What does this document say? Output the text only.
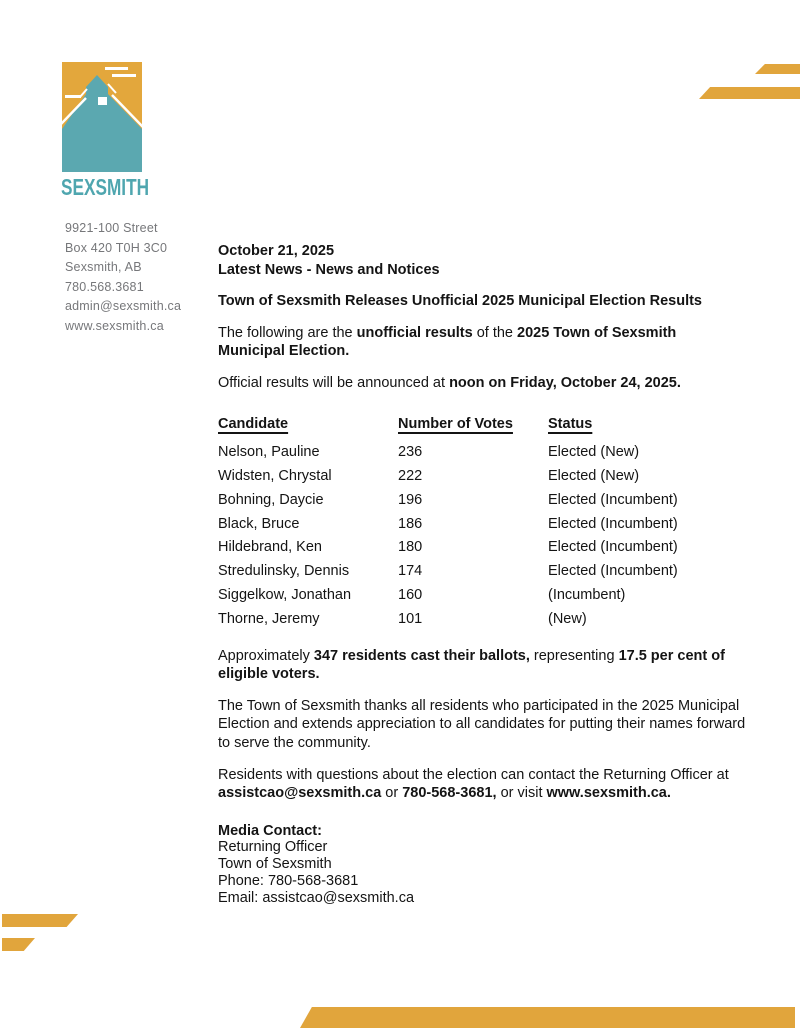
SEXSMITH
9921-100 Street
Box 420 T0H 3C0
Sexsmith, AB
780.568.3681
admin@sexsmith.ca
www.sexsmith.ca

October 21, 2025
Latest News - News and Notices

Town of Sexsmith Releases Unofficial 2025 Municipal Election Results

The following are the unofficial results of the 2025 Town of Sexsmith Municipal Election.

Official results will be announced at noon on Friday, October 24, 2025.

Candidate	Number of Votes	Status
Nelson, Pauline	236	Elected (New)
Widsten, Chrystal	222	Elected (New)
Bohning, Daycie	196	Elected (Incumbent)
Black, Bruce	186	Elected (Incumbent)
Hildebrand, Ken	180	Elected (Incumbent)
Stredulinsky, Dennis	174	Elected (Incumbent)
Siggelkow, Jonathan	160	(Incumbent)
Thorne, Jeremy	101	(New)

Approximately 347 residents cast their ballots, representing 17.5 per cent of eligible voters.

The Town of Sexsmith thanks all residents who participated in the 2025 Municipal Election and extends appreciation to all candidates for putting their names forward to serve the community.

Residents with questions about the election can contact the Returning Officer at assistcao@sexsmith.ca or 780-568-3681, or visit www.sexsmith.ca.

Media Contact:
Returning Officer
Town of Sexsmith
Phone: 780-568-3681
Email: assistcao@sexsmith.ca
